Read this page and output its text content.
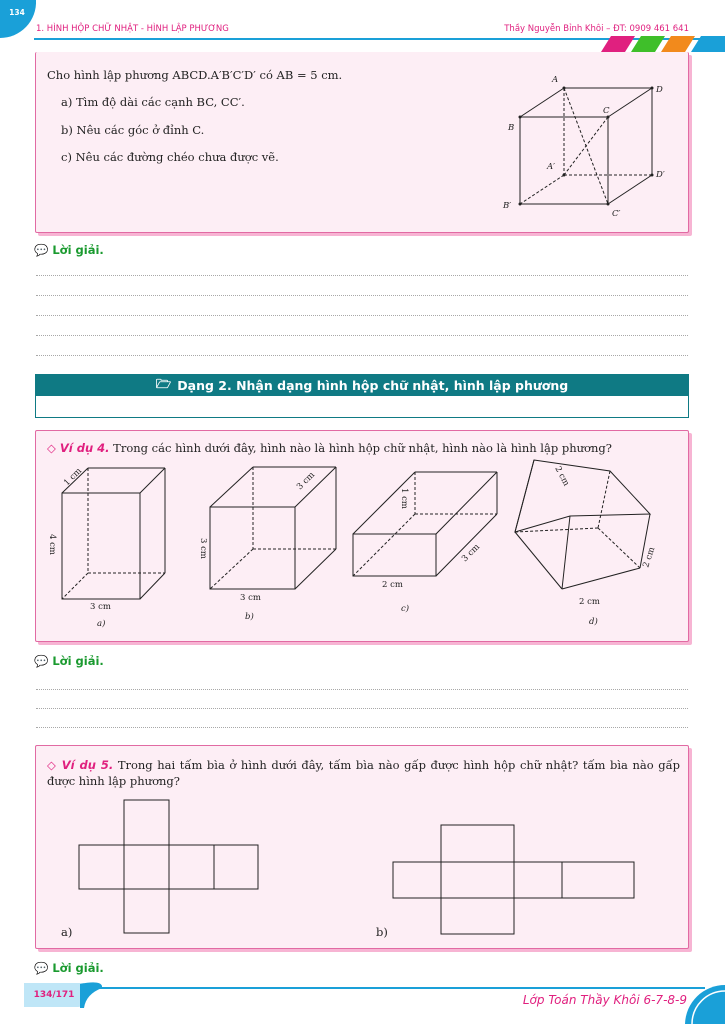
134
1. HÌNH HỘP CHỮ NHẬT - HÌNH LẬP PHƯƠNG	Thầy Nguyễn Bỉnh Khôi – ĐT: 0909 461 641
Cho hình lập phương ABCD.A′B′C′D′ có AB = 5 cm.
a) Tìm độ dài các cạnh BC, CC′.
b) Nêu các góc ở đỉnh C.
c) Nêu các đường chéo chưa được vẽ.
A
D
B
C
A′
D′
B′
C′
💬 Lời giải.
🗁 Dạng 2. Nhận dạng hình hộp chữ nhật, hình lập phương
◇ Ví dụ 4. Trong các hình dưới đây, hình nào là hình hộp chữ nhật, hình nào là hình lập phương?
1 cm
4 cm
3 cm
a)
3 cm
3 cm
3 cm
b)
1 cm
3 cm
2 cm
c)
2 cm
2 cm
2 cm
d)
💬 Lời giải.
◇ Ví dụ 5. Trong hai tấm bìa ở hình dưới đây, tấm bìa nào gấp được hình hộp chữ nhật? tấm bìa nào gấp được hình lập phương?
a)	b)
💬 Lời giải.
134/171	Lớp Toán Thầy Khôi 6-7-8-9
